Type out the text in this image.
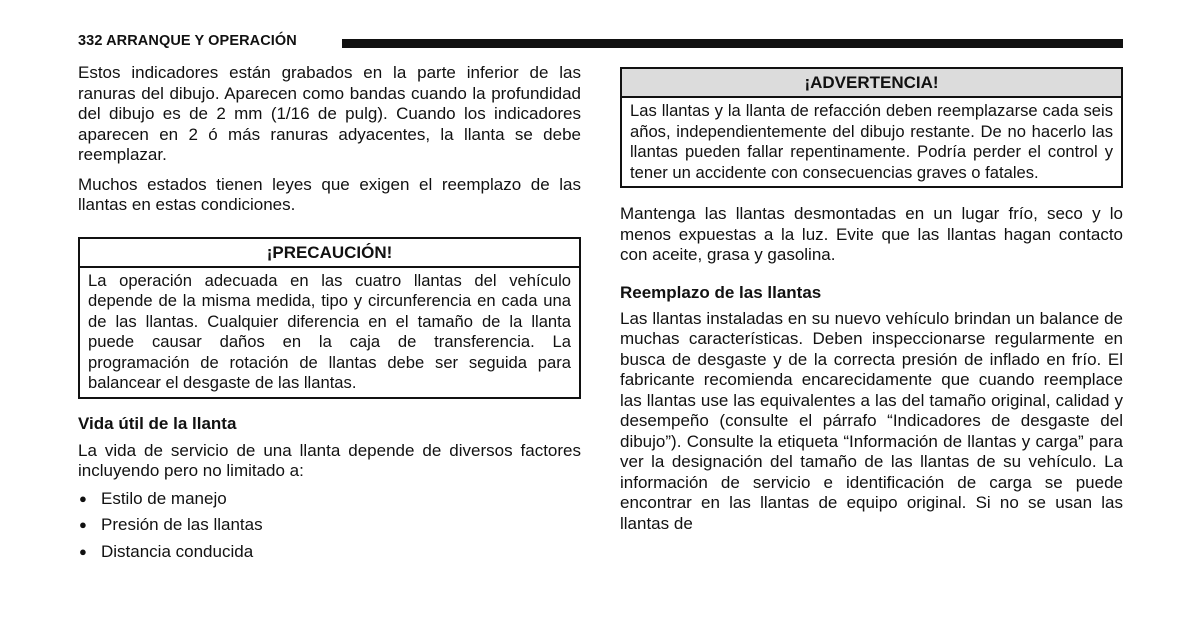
332 ARRANQUE Y OPERACIÓN

Estos indicadores están grabados en la parte inferior de las ranuras del dibujo. Aparecen como bandas cuando la profundidad del dibujo es de 2 mm (1/16 de pulg). Cuando los indicadores aparecen en 2 ó más ranuras adyacentes, la llanta se debe reemplazar.

Muchos estados tienen leyes que exigen el reemplazo de las llantas en estas condiciones.

¡PRECAUCIÓN!

La operación adecuada en las cuatro llantas del vehículo depende de la misma medida, tipo y circunferencia en cada una de las llantas. Cualquier diferencia en el tamaño de la llanta puede causar daños en la caja de transferencia. La programación de rotación de llantas debe ser seguida para balancear el desgaste de las llantas.

Vida útil de la llanta

La vida de servicio de una llanta depende de diversos factores incluyendo pero no limitado a:

● Estilo de manejo
● Presión de las llantas
● Distancia conducida
¡ADVERTENCIA!

Las llantas y la llanta de refacción deben reemplazarse cada seis años, independientemente del dibujo restante. De no hacerlo las llantas pueden fallar repentinamente. Podría perder el control y tener un accidente con consecuencias graves o fatales.

Mantenga las llantas desmontadas en un lugar frío, seco y lo menos expuestas a la luz. Evite que las llantas hagan contacto con aceite, grasa y gasolina.

Reemplazo de las llantas

Las llantas instaladas en su nuevo vehículo brindan un balance de muchas características. Deben inspeccionarse regularmente en busca de desgaste y de la correcta presión de inflado en frío. El fabricante recomienda encarecidamente que cuando reemplace las llantas use las equivalentes a las del tamaño original, calidad y desempeño (consulte el párrafo “Indicadores de desgaste del dibujo”). Consulte la etiqueta “Información de llantas y carga” para ver la designación del tamaño de las llantas de su vehículo. La información de servicio e identificación de carga se puede encontrar en las llantas de equipo original. Si no se usan las llantas de
